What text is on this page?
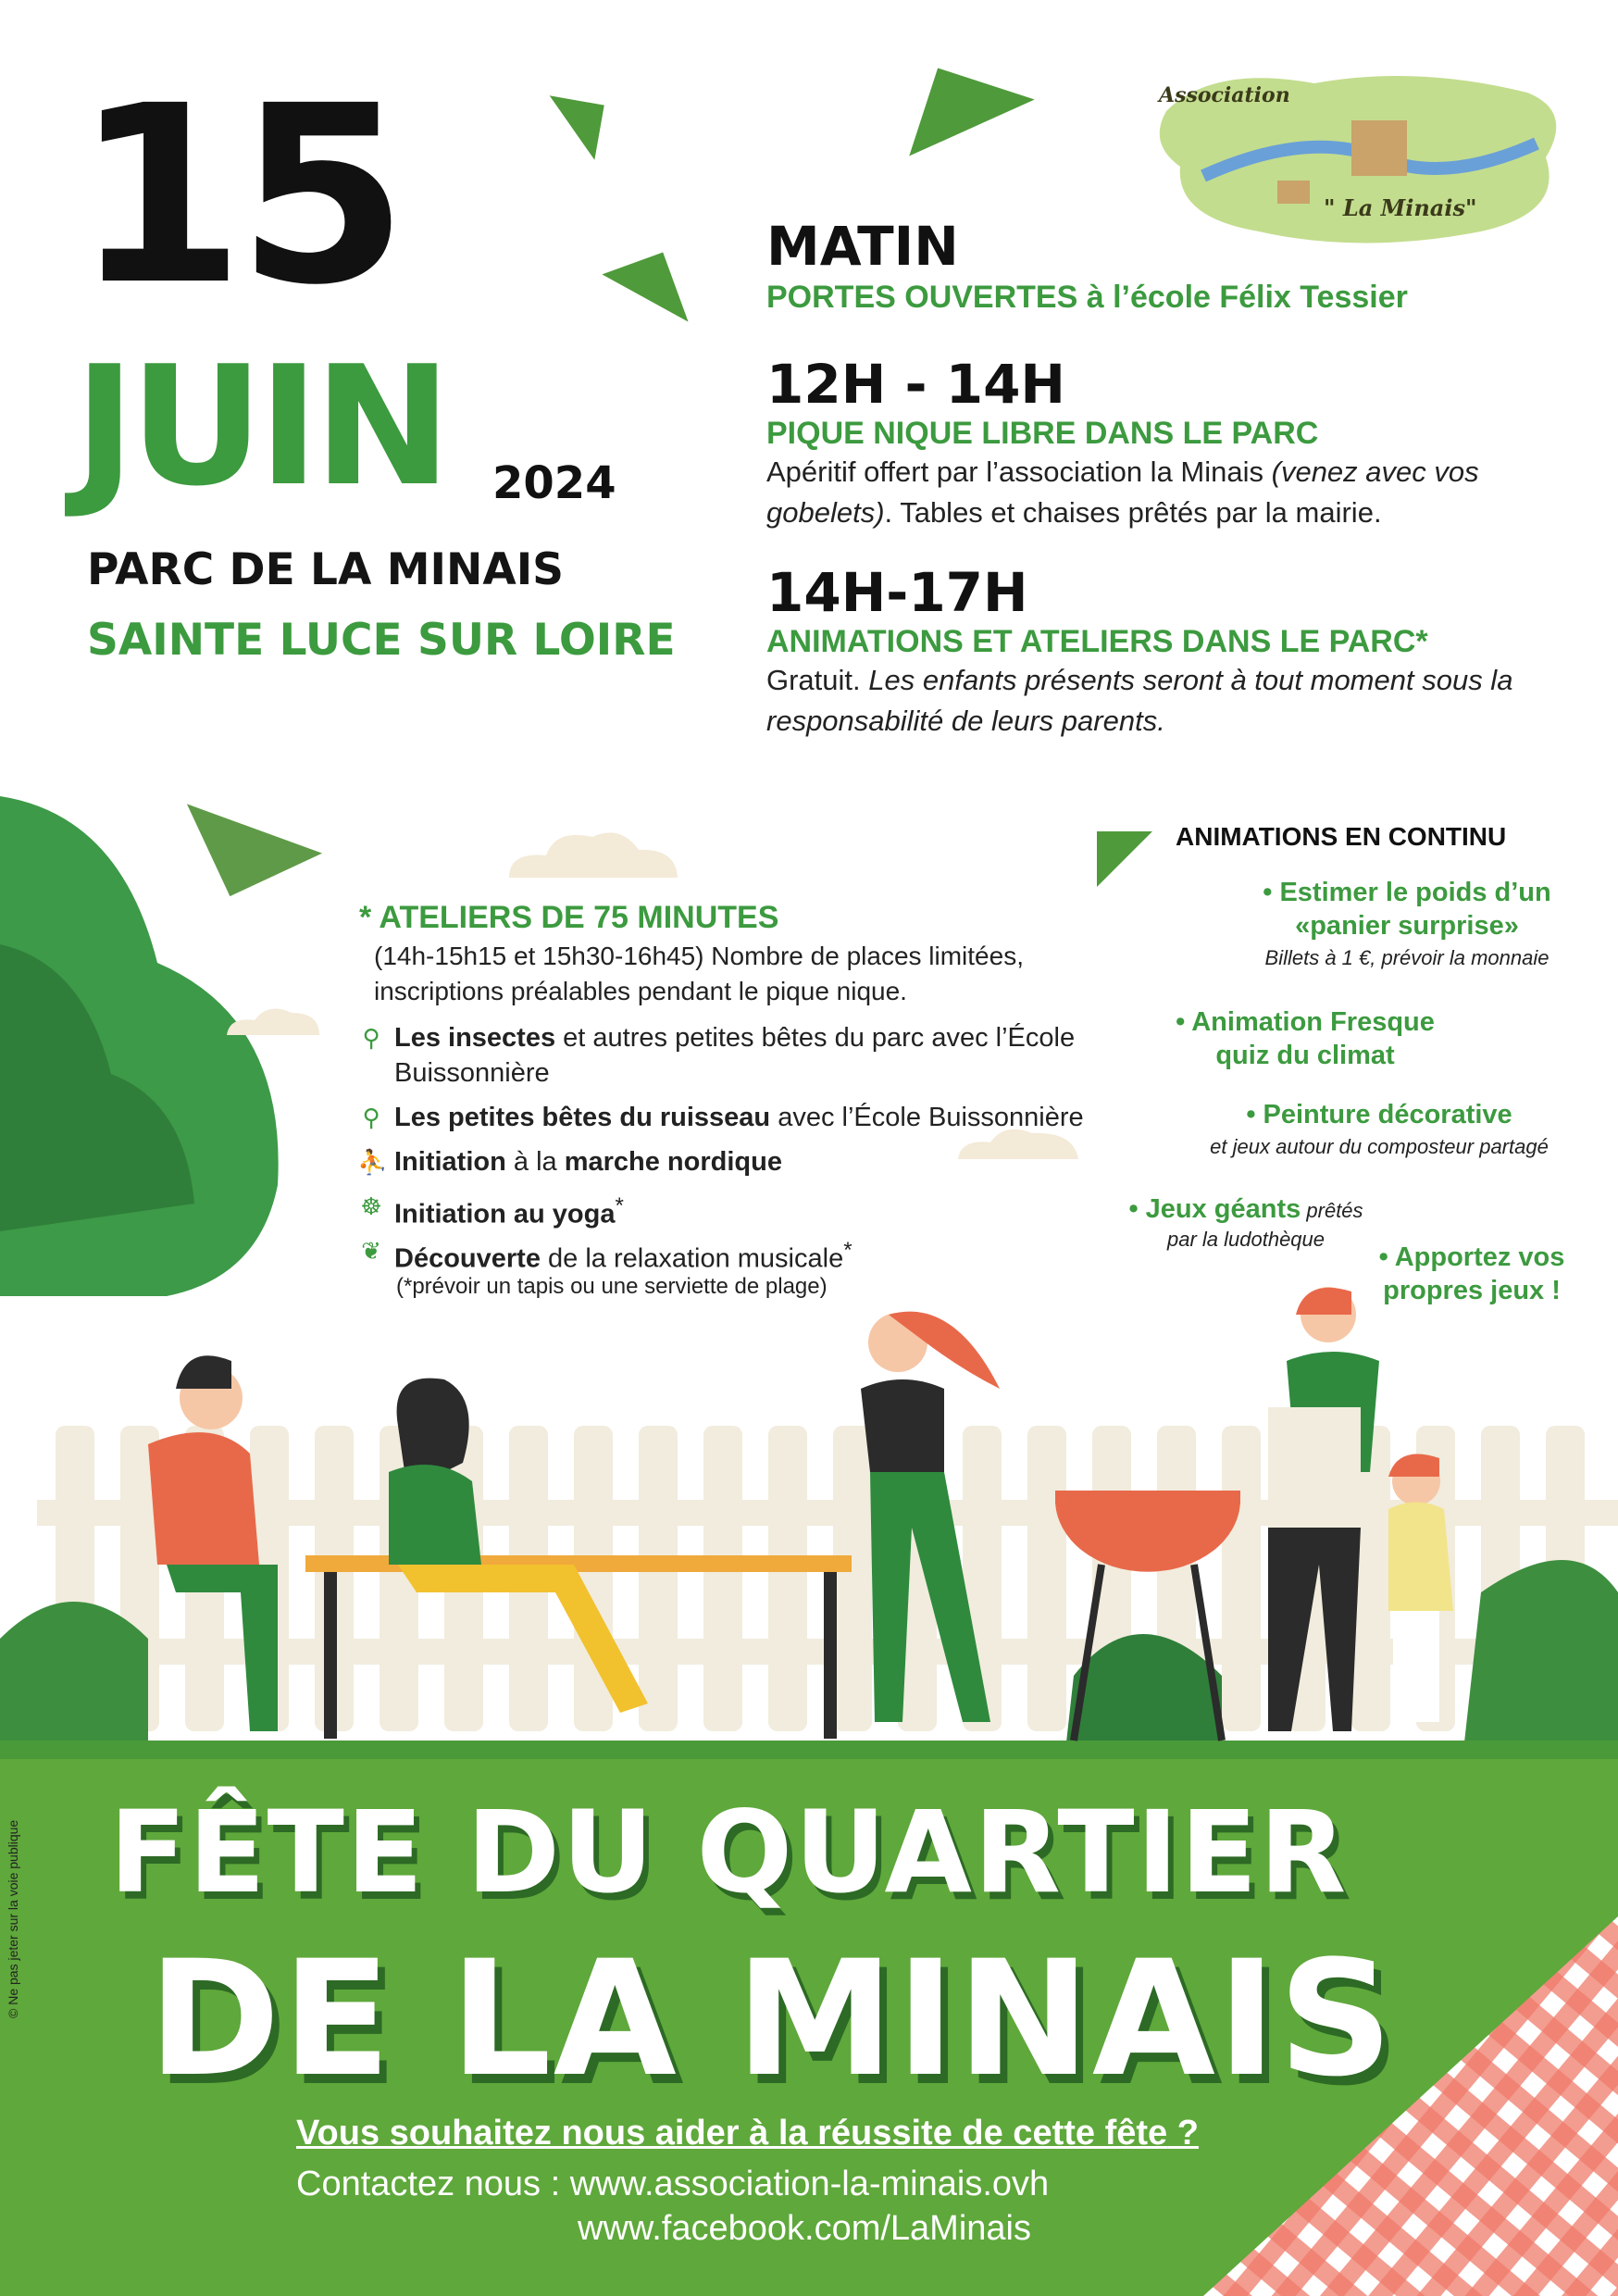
Association
" La Minais"
15
JUIN 2024
PARC DE LA MINAIS
SAINTE LUCE SUR LOIRE
MATIN
PORTES OUVERTES à l’école Félix Tessier
12H - 14H
PIQUE NIQUE LIBRE DANS LE PARC
Apéritif offert par l’association la Minais (venez avec vos gobelets). Tables et chaises prêtés par la mairie.
14H-17H
ANIMATIONS ET ATELIERS DANS LE PARC*
Gratuit. Les enfants présents seront à tout moment sous la responsabilité de leurs parents.
* ATELIERS DE 75 MINUTES
(14h-15h15 et 15h30-16h45) Nombre de places limitées,
inscriptions préalables pendant le pique nique.
⚲ Les insectes et autres petites bêtes du parc avec l’École
Buissonnière
⚲ Les petites bêtes du ruisseau avec l’École Buissonnière
⛹ Initiation à la marche nordique
☸ Initiation au yoga*
❦ Découverte de la relaxation musicale*
(*prévoir un tapis ou une serviette de plage)
ANIMATIONS EN CONTINU
• Estimer le poids d’un
«panier surprise»
Billets à 1 €, prévoir la monnaie
• Animation Fresque
quiz du climat
• Peinture décorative
et jeux autour du composteur partagé
• Jeux géants prêtés
par la ludothèque
• Apportez vos
propres jeux !
FÊTE DU QUARTIER
DE LA MINAIS
Vous souhaitez nous aider à la réussite de cette fête ?
Contactez nous : www.association-la-minais.ovh
www.facebook.com/LaMinais
© Ne pas jeter sur la voie publique
